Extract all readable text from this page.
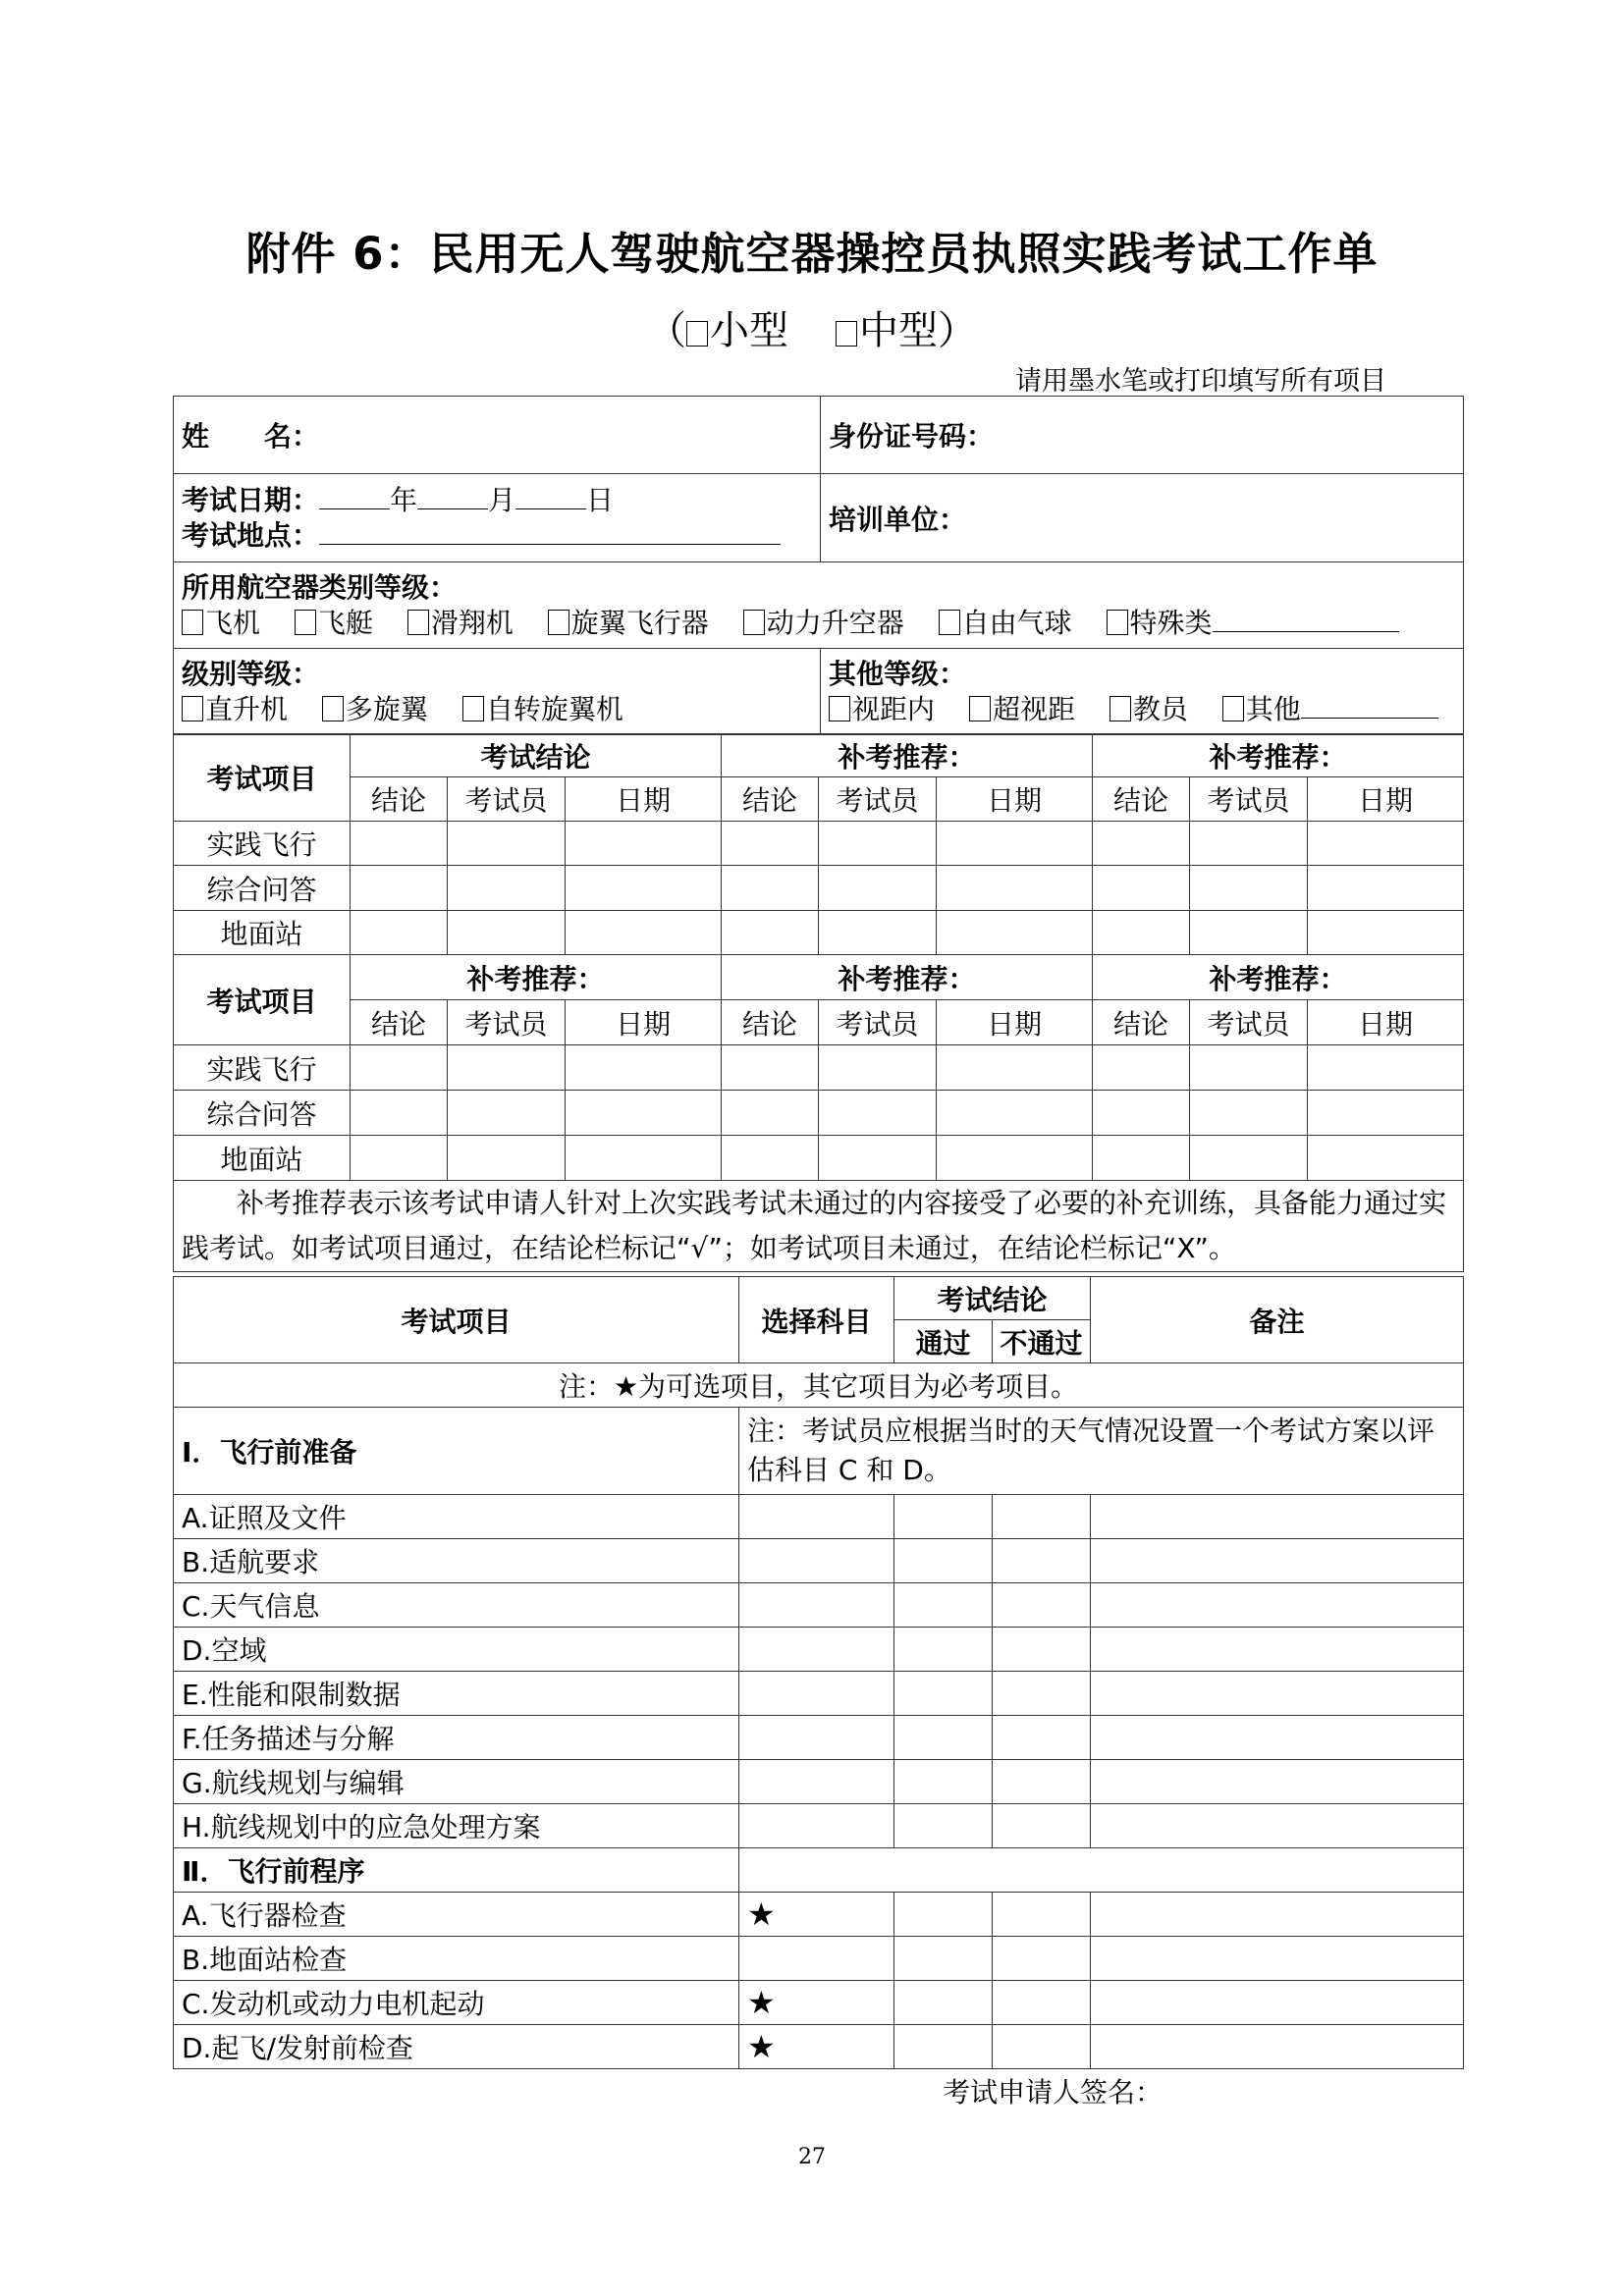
附件 6：民用无人驾驶航空器操控员执照实践考试工作单
（ 小型 中型）
请用墨水笔或打印填写所有项目
姓　　名：	身份证号码：

考试日期： 年 月 日
考试地点：	培训单位：

所用航空器类别等级：
飞机 飞艇 滑翔机 旋翼飞行器 动力升空器 自由气球 特殊类	

级别等级：
直升机 多旋翼 自转旋翼机	其他等级：
视距内 超视距 教员 其他
考试项目	考试结论			补考推荐：			补考推荐：		
	结论	考试员	日期	结论	考试员	日期	结论	考试员	日期
实践飞行									
综合问答									
地面站									
考试项目	补考推荐：			补考推荐：			补考推荐：		
	结论	考试员	日期	结论	考试员	日期	结论	考试员	日期
实践飞行									
综合问答									
地面站									
补考推荐表示该考试申请人针对上次实践考试未通过的内容接受了必要的补充训练，具备能力通过实践考试。如考试项目通过，在结论栏标记“√”；如考试项目未通过，在结论栏标记“X”。									
考试项目	选择科目	考试结论		备注
		通过	不通过	
注：★为可选项目，其它项目为必考项目。				
Ⅰ．飞行前准备	注：考试员应根据当时的天气情况设置一个考试方案以评估科目 C 和 D。			
A.证照及文件				
B.适航要求				
C.天气信息				
D.空域				
E.性能和限制数据				
F.任务描述与分解				
G.航线规划与编辑				
H.航线规划中的应急处理方案				
Ⅱ．飞行前程序				
A.飞行器检查	★			
B.地面站检查				
C.发动机或动力电机起动	★			
D.起飞/发射前检查	★			
考试申请人签名：
27
